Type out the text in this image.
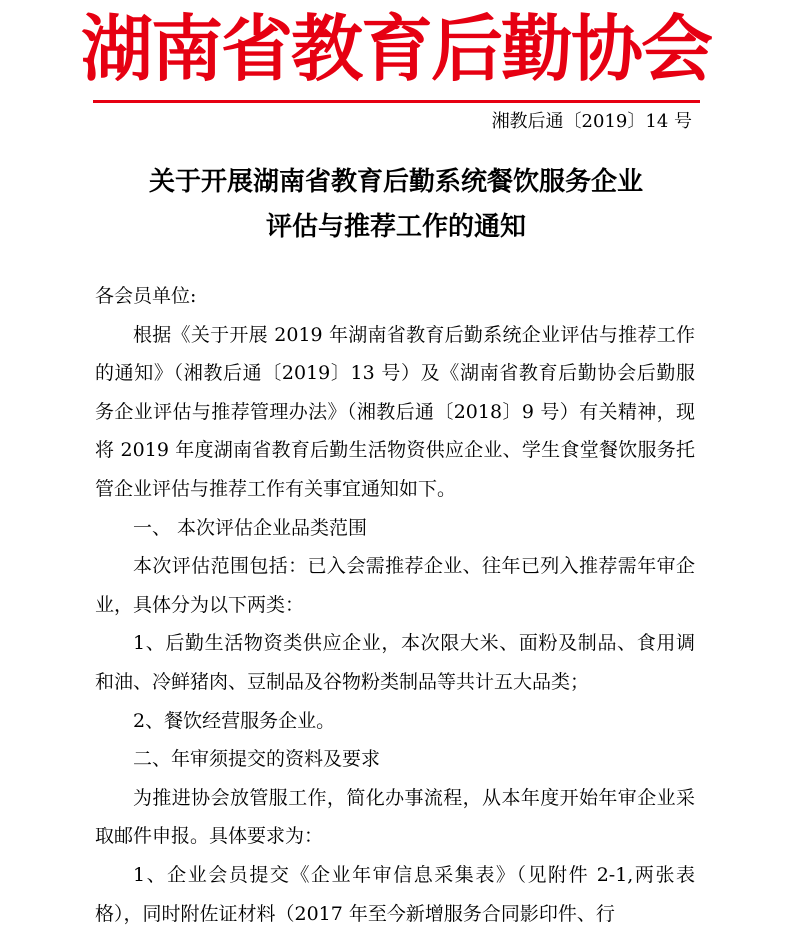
湖南省教育后勤协会
湘教后通〔2019〕14 号
关于开展湖南省教育后勤系统餐饮服务企业
评估与推荐工作的通知

各会员单位:

根据《关于开展 2019 年湖南省教育后勤系统企业评估与推荐工作的通知》（湘教后通〔2019〕13 号）及《湖南省教育后勤协会后勤服务企业评估与推荐管理办法》（湘教后通〔2018〕9 号）有关精神，现将 2019 年度湖南省教育后勤生活物资供应企业、学生食堂餐饮服务托管企业评估与推荐工作有关事宜通知如下。

一、 本次评估企业品类范围

本次评估范围包括：已入会需推荐企业、往年已列入推荐需年审企业，具体分为以下两类：

1、后勤生活物资类供应企业，本次限大米、面粉及制品、食用调和油、冷鲜猪肉、豆制品及谷物粉类制品等共计五大品类；

2、餐饮经营服务企业。

二、年审须提交的资料及要求

为推进协会放管服工作，简化办事流程，从本年度开始年审企业采取邮件申报。具体要求为：

1、企业会员提交《企业年审信息采集表》（见附件 2-1,两张表格），同时附佐证材料（2017 年至今新增服务合同影印件、行
